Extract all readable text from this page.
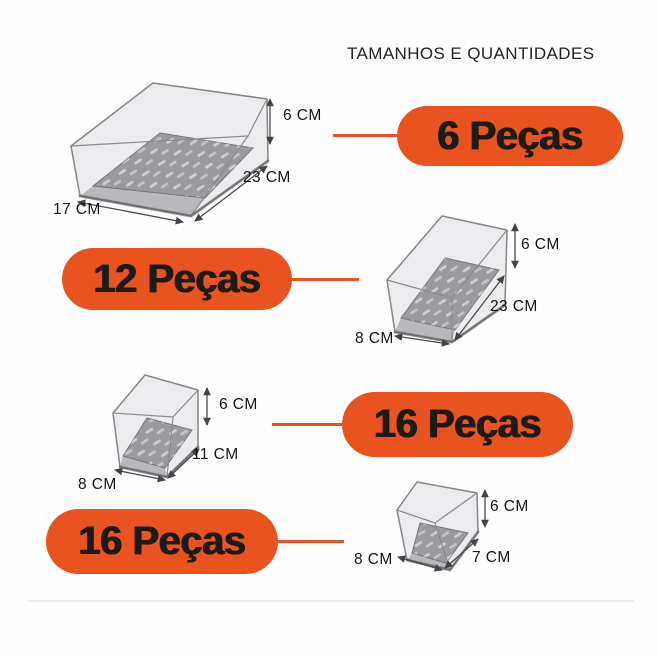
TAMANHOS E QUANTIDADES
6 CM
23 CM
17 CM
6 Peças
6 CM
23 CM
8 CM
12 Peças
6 CM
11 CM
8 CM
16 Peças
6 CM
7 CM
8 CM
16 Peças
